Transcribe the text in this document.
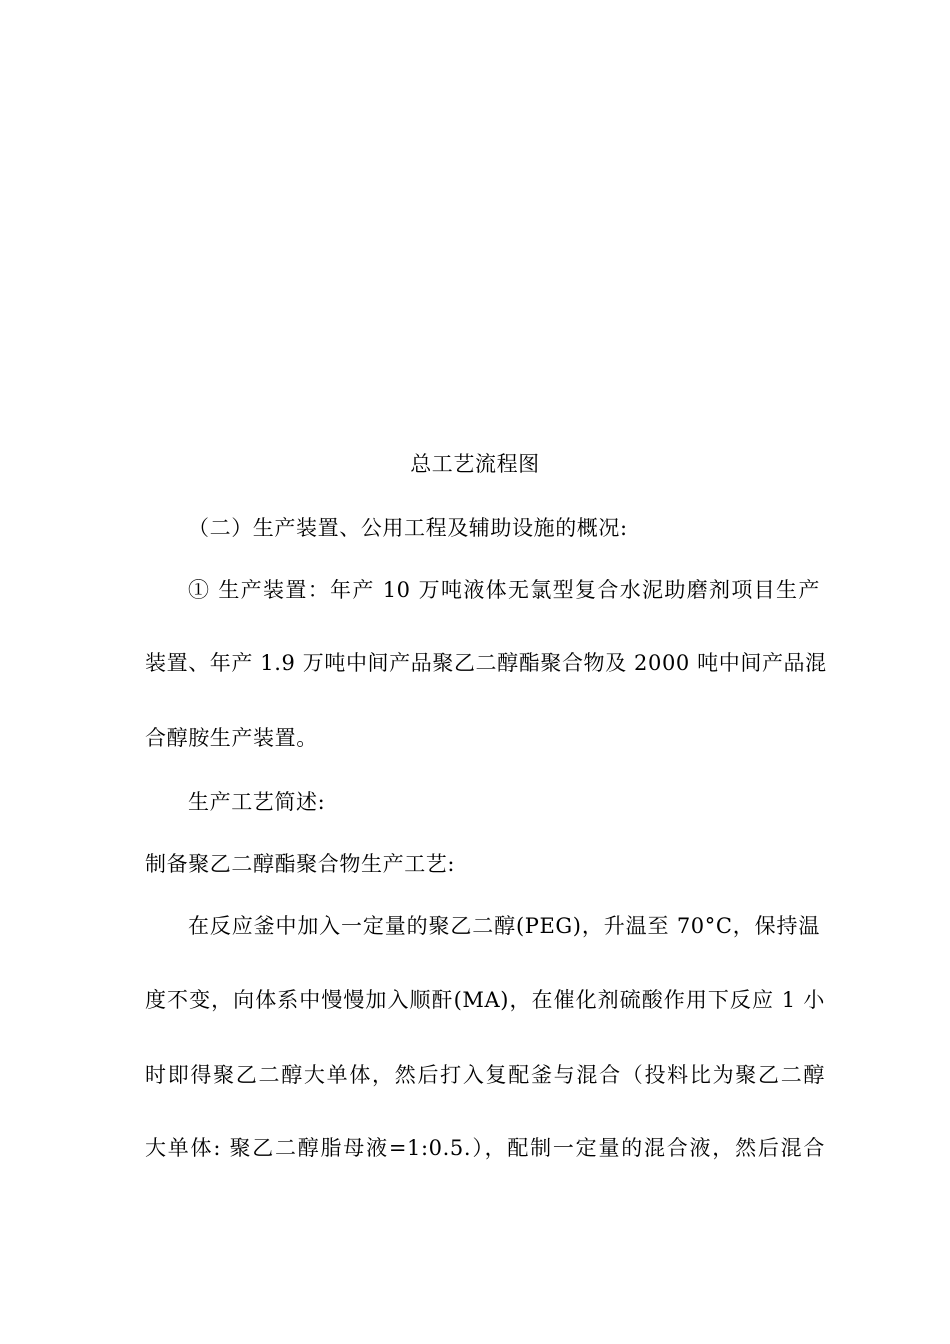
总工艺流程图
（二）生产装置、公用工程及辅助设施的概况:
① 生产装置：年产 10 万吨液体无氯型复合水泥助磨剂项目生产
装置、年产 1.9 万吨中间产品聚乙二醇酯聚合物及 2000 吨中间产品混
合醇胺生产装置。
生产工艺简述:
制备聚乙二醇酯聚合物生产工艺:
在反应釜中加入一定量的聚乙二醇(PEG)，升温至 70°C，保持温
度不变，向体系中慢慢加入顺酐(MA)，在催化剂硫酸作用下反应 1 小
时即得聚乙二醇大单体，然后打入复配釜与混合（投料比为聚乙二醇
大单体: 聚乙二醇脂母液=1:0.5.），配制一定量的混合液，然后混合
